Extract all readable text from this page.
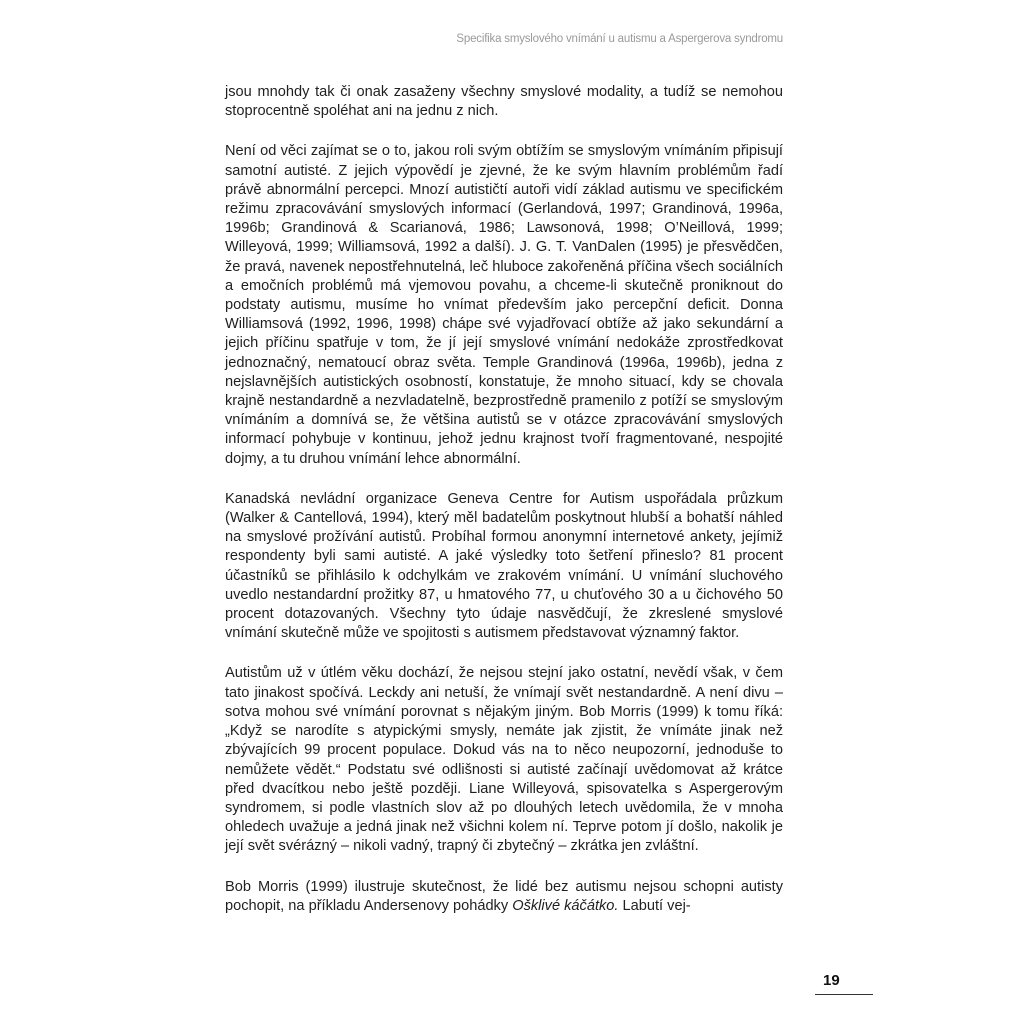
Specifika smyslového vnímání u autismu a Aspergerova syndromu

jsou mnohdy tak či onak zasaženy všechny smyslové modality, a tudíž se nemohou stoprocentně spoléhat ani na jednu z nich.

Není od věci zajímat se o to, jakou roli svým obtížím se smyslovým vnímáním připisují samotní autisté. Z jejich výpovědí je zjevné, že ke svým hlavním problémům řadí právě abnormální percepci. Mnozí autističtí autoři vidí základ autismu ve specifickém režimu zpracovávání smyslových informací (Gerlandová, 1997; Grandinová, 1996a, 1996b; Grandinová & Scarianová, 1986; Lawsonová, 1998; O’Neillová, 1999; Willeyová, 1999; Williamsová, 1992 a další). J. G. T. VanDalen (1995) je přesvědčen, že pravá, navenek nepostřehnutelná, leč hluboce zakořeněná příčina všech sociálních a emočních problémů má vjemovou povahu, a chceme-li skutečně proniknout do podstaty autismu, musíme ho vnímat především jako percepční deficit. Donna Williamsová (1992, 1996, 1998) chápe své vyjadřovací obtíže až jako sekundární a jejich příčinu spatřuje v tom, že jí její smyslové vnímání nedokáže zprostředkovat jednoznačný, nematoucí obraz světa. Temple Grandinová (1996a, 1996b), jedna z nejslavnějších autistických osobností, konstatuje, že mnoho situací, kdy se chovala krajně nestandardně a nezvladatelně, bezprostředně pramenilo z potíží se smyslovým vnímáním a domnívá se, že většina autistů se v otázce zpracovávání smyslových informací pohybuje v kontinuu, jehož jednu krajnost tvoří fragmentované, nespojité dojmy, a tu druhou vnímání lehce abnormální.

Kanadská nevládní organizace Geneva Centre for Autism uspořádala průzkum (Walker & Cantellová, 1994), který měl badatelům poskytnout hlubší a bohatší náhled na smyslové prožívání autistů. Probíhal formou anonymní internetové ankety, jejímiž respondenty byli sami autisté. A jaké výsledky toto šetření přineslo? 81 procent účastníků se přihlásilo k odchylkám ve zrakovém vnímání. U vnímání sluchového uvedlo nestandardní prožitky 87, u hmatového 77, u chuťového 30 a u čichového 50 procent dotazovaných. Všechny tyto údaje nasvědčují, že zkreslené smyslové vnímání skutečně může ve spojitosti s autismem představovat významný faktor.

Autistům už v útlém věku dochází, že nejsou stejní jako ostatní, nevědí však, v čem tato jinakost spočívá. Leckdy ani netuší, že vnímají svět nestandardně. A není divu – sotva mohou své vnímání porovnat s nějakým jiným. Bob Morris (1999) k tomu říká: „Když se narodíte s atypickými smysly, nemáte jak zjistit, že vnímáte jinak než zbývajících 99 procent populace. Dokud vás na to něco neupozorní, jednoduše to nemůžete vědět.“ Podstatu své odlišnosti si autisté začínají uvědomovat až krátce před dvacítkou nebo ještě později. Liane Willeyová, spisovatelka s Aspergerovým syndromem, si podle vlastních slov až po dlouhých letech uvědomila, že v mnoha ohledech uvažuje a jedná jinak než všichni kolem ní. Teprve potom jí došlo, nakolik je její svět svérázný – nikoli vadný, trapný či zbytečný – zkrátka jen zvláštní.

Bob Morris (1999) ilustruje skutečnost, že lidé bez autismu nejsou schopni autisty pochopit, na příkladu Andersenovy pohádky Ošklivé káčátko. Labutí vej-

19
